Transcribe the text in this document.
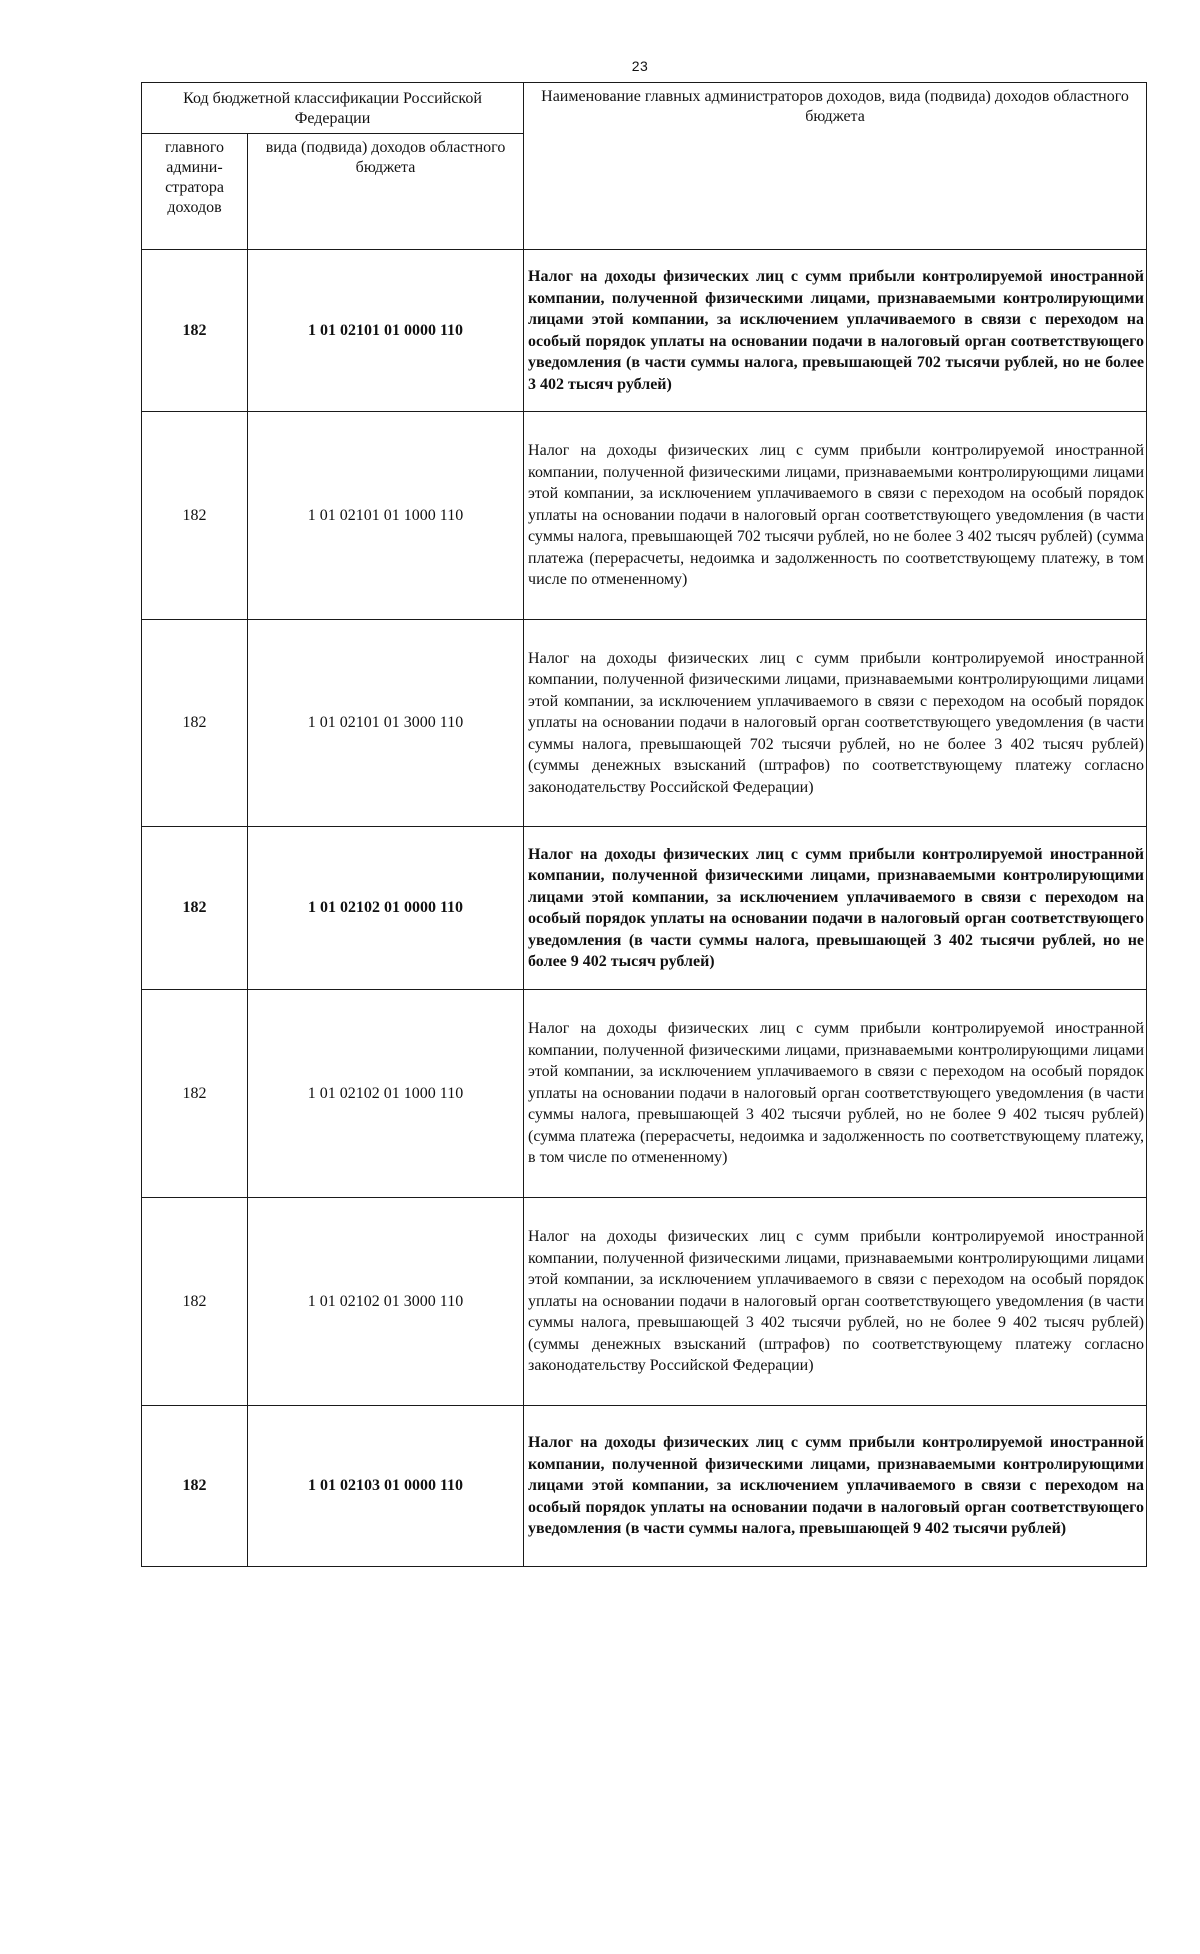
23
Код бюджетной классификации Российской Федерации		Наименование главных администраторов доходов, вида (подвида) доходов областного бюджета
главного админи-стратора доходов	вида (подвида) доходов областного бюджета	
182	1 01 02101 01 0000 110	Налог на доходы физических лиц с сумм прибыли контролируемой иностранной компании, полученной физическими лицами, признаваемыми контролирующими лицами этой компании, за исключением уплачиваемого в связи с переходом на особый порядок уплаты на основании подачи в налоговый орган соответствующего уведомления (в части суммы налога, превышающей 702 тысячи рублей, но не более 3 402 тысяч рублей)
182	1 01 02101 01 1000 110	Налог на доходы физических лиц с сумм прибыли контролируемой иностранной компании, полученной физическими лицами, признаваемыми контролирующими лицами этой компании, за исключением уплачиваемого в связи с переходом на особый порядок уплаты на основании подачи в налоговый орган соответствующего уведомления (в части суммы налога, превышающей 702 тысячи рублей, но не более 3 402 тысяч рублей) (сумма платежа (перерасчеты, недоимка и задолженность по соответствующему платежу, в том числе по отмененному)
182	1 01 02101 01 3000 110	Налог на доходы физических лиц с сумм прибыли контролируемой иностранной компании, полученной физическими лицами, признаваемыми контролирующими лицами этой компании, за исключением уплачиваемого в связи с переходом на особый порядок уплаты на основании подачи в налоговый орган соответствующего уведомления (в части суммы налога, превышающей 702 тысячи рублей, но не более 3 402 тысяч рублей) (суммы денежных взысканий (штрафов) по соответствующему платежу согласно законодательству Российской Федерации)
182	1 01 02102 01 0000 110	Налог на доходы физических лиц с сумм прибыли контролируемой иностранной компании, полученной физическими лицами, признаваемыми контролирующими лицами этой компании, за исключением уплачиваемого в связи с переходом на особый порядок уплаты на основании подачи в налоговый орган соответствующего уведомления (в части суммы налога, превышающей 3 402 тысячи рублей, но не более 9 402 тысяч рублей)
182	1 01 02102 01 1000 110	Налог на доходы физических лиц с сумм прибыли контролируемой иностранной компании, полученной физическими лицами, признаваемыми контролирующими лицами этой компании, за исключением уплачиваемого в связи с переходом на особый порядок уплаты на основании подачи в налоговый орган соответствующего уведомления (в части суммы налога, превышающей 3 402 тысячи рублей, но не более 9 402 тысяч рублей) (сумма платежа (перерасчеты, недоимка и задолженность по соответствующему платежу, в том числе по отмененному)
182	1 01 02102 01 3000 110	Налог на доходы физических лиц с сумм прибыли контролируемой иностранной компании, полученной физическими лицами, признаваемыми контролирующими лицами этой компании, за исключением уплачиваемого в связи с переходом на особый порядок уплаты на основании подачи в налоговый орган соответствующего уведомления (в части суммы налога, превышающей 3 402 тысячи рублей, но не более 9 402 тысяч рублей) (суммы денежных взысканий (штрафов) по соответствующему платежу согласно законодательству Российской Федерации)
182	1 01 02103 01 0000 110	Налог на доходы физических лиц с сумм прибыли контролируемой иностранной компании, полученной физическими лицами, признаваемыми контролирующими лицами этой компании, за исключением уплачиваемого в связи с переходом на особый порядок уплаты на основании подачи в налоговый орган соответствующего уведомления (в части суммы налога, превышающей 9 402 тысячи рублей)
